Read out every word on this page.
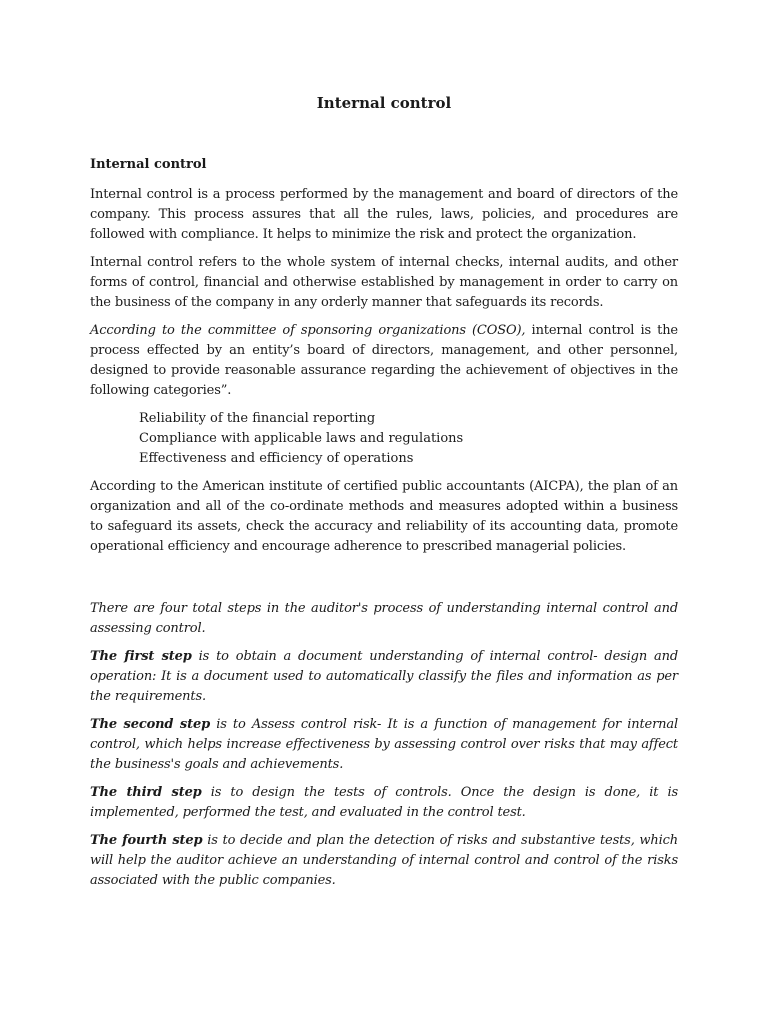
Internal control
Internal control

Internal control is a process performed by the management and board of directors of the company. This process assures that all the rules, laws, policies, and procedures are followed with compliance. It helps to minimize the risk and protect the organization.

Internal control refers to the whole system of internal checks, internal audits, and other forms of control, financial and otherwise established by management in order to carry on the business of the company in any orderly manner that safeguards its records.

According to the committee of sponsoring organizations (COSO), internal control is the process effected by an entity’s board of directors, management, and other personnel, designed to provide reasonable assurance regarding the achievement of objectives in the following categories”.

Reliability of the financial reporting
Compliance with applicable laws and regulations
Effectiveness and efficiency of operations

According to the American institute of certified public accountants (AICPA), the plan of an organization and all of the co-ordinate methods and measures adopted within a business to safeguard its assets, check the accuracy and reliability of its accounting data, promote operational efficiency and encourage adherence to prescribed managerial policies.

There are four total steps in the auditor's process of understanding internal control and assessing control.

The first step is to obtain a document understanding of internal control- design and operation: It is a document used to automatically classify the files and information as per the requirements.

The second step is to Assess control risk- It is a function of management for internal control, which helps increase effectiveness by assessing control over risks that may affect the business's goals and achievements.

The third step is to design the tests of controls. Once the design is done, it is implemented, performed the test, and evaluated in the control test.

The fourth step is to decide and plan the detection of risks and substantive tests, which will help the auditor achieve an understanding of internal control and control of the risks associated with the public companies.
